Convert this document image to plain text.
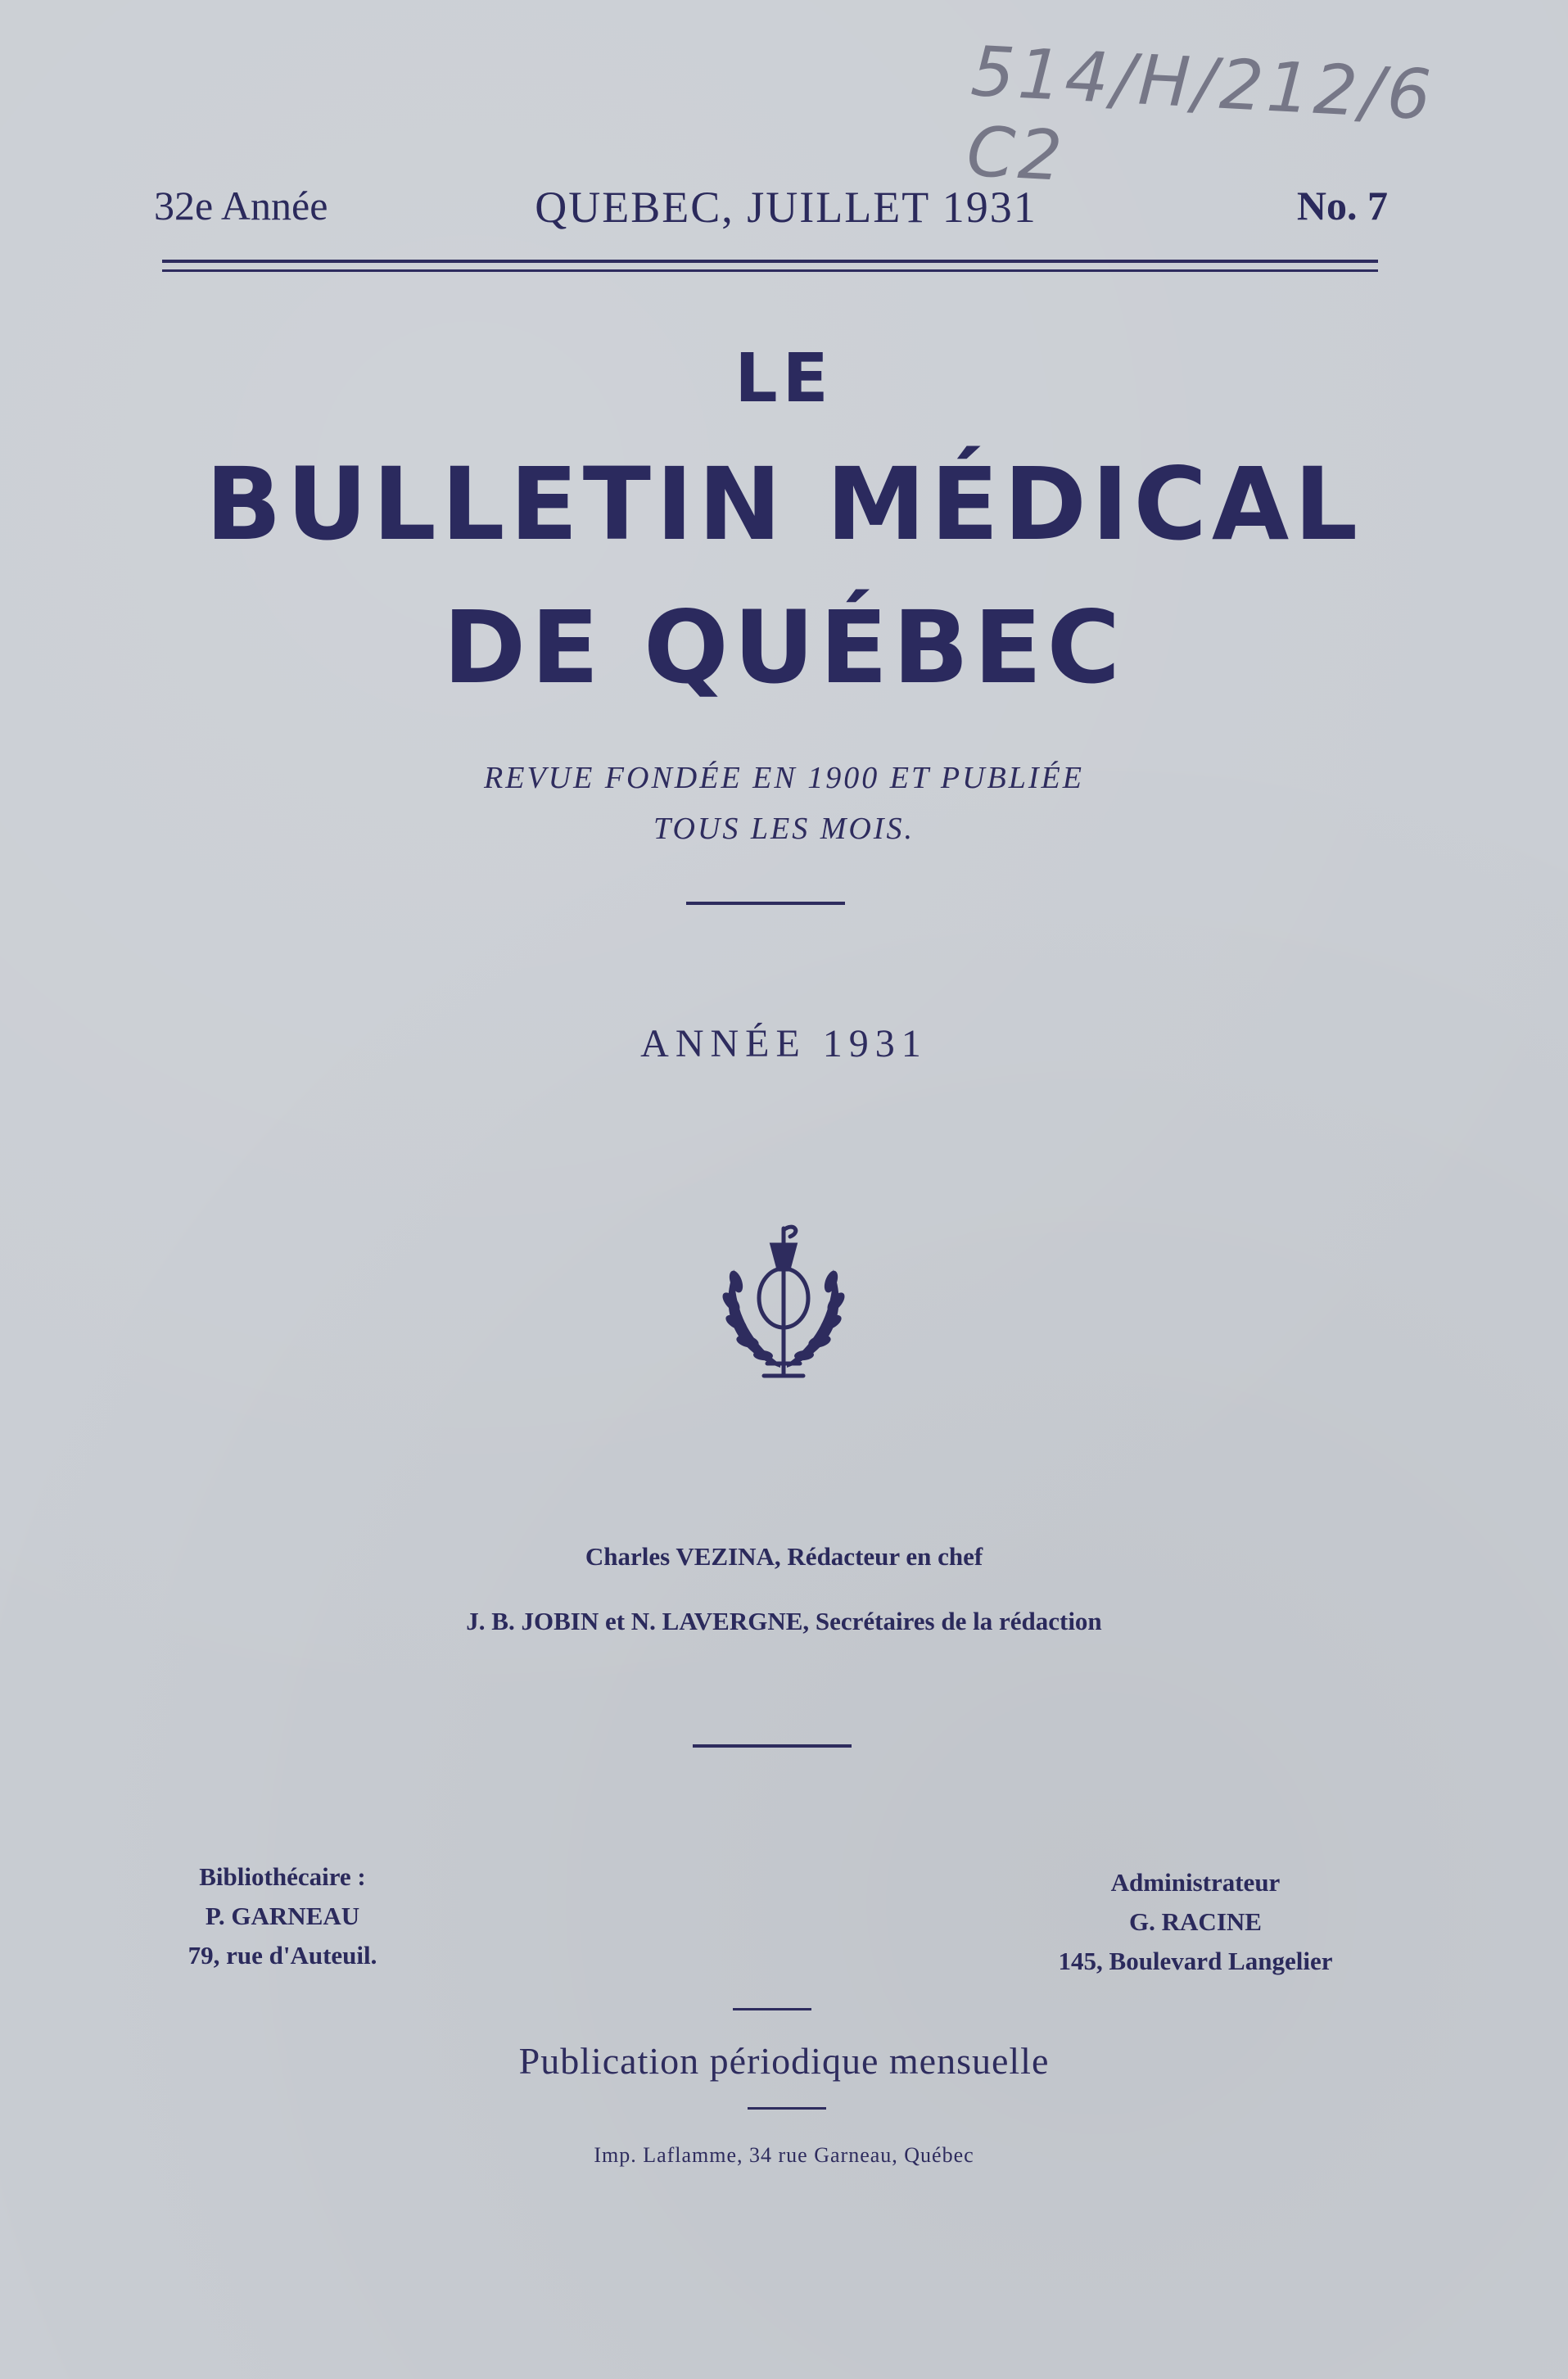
514/H/212/6 C2
32e Année	QUEBEC, JUILLET 1931	No. 7
LE
BULLETIN MÉDICAL
DE QUÉBEC
REVUE FONDÉE EN 1900 ET PUBLIÉE
TOUS LES MOIS.
ANNÉE 1931
Charles VEZINA, Rédacteur en chef
J. B. JOBIN et N. LAVERGNE, Secrétaires de la rédaction
Bibliothécaire :
P. GARNEAU
79, rue d'Auteuil.
Administrateur
G. RACINE
145, Boulevard Langelier
Publication périodique mensuelle
Imp. Laflamme, 34 rue Garneau, Québec
